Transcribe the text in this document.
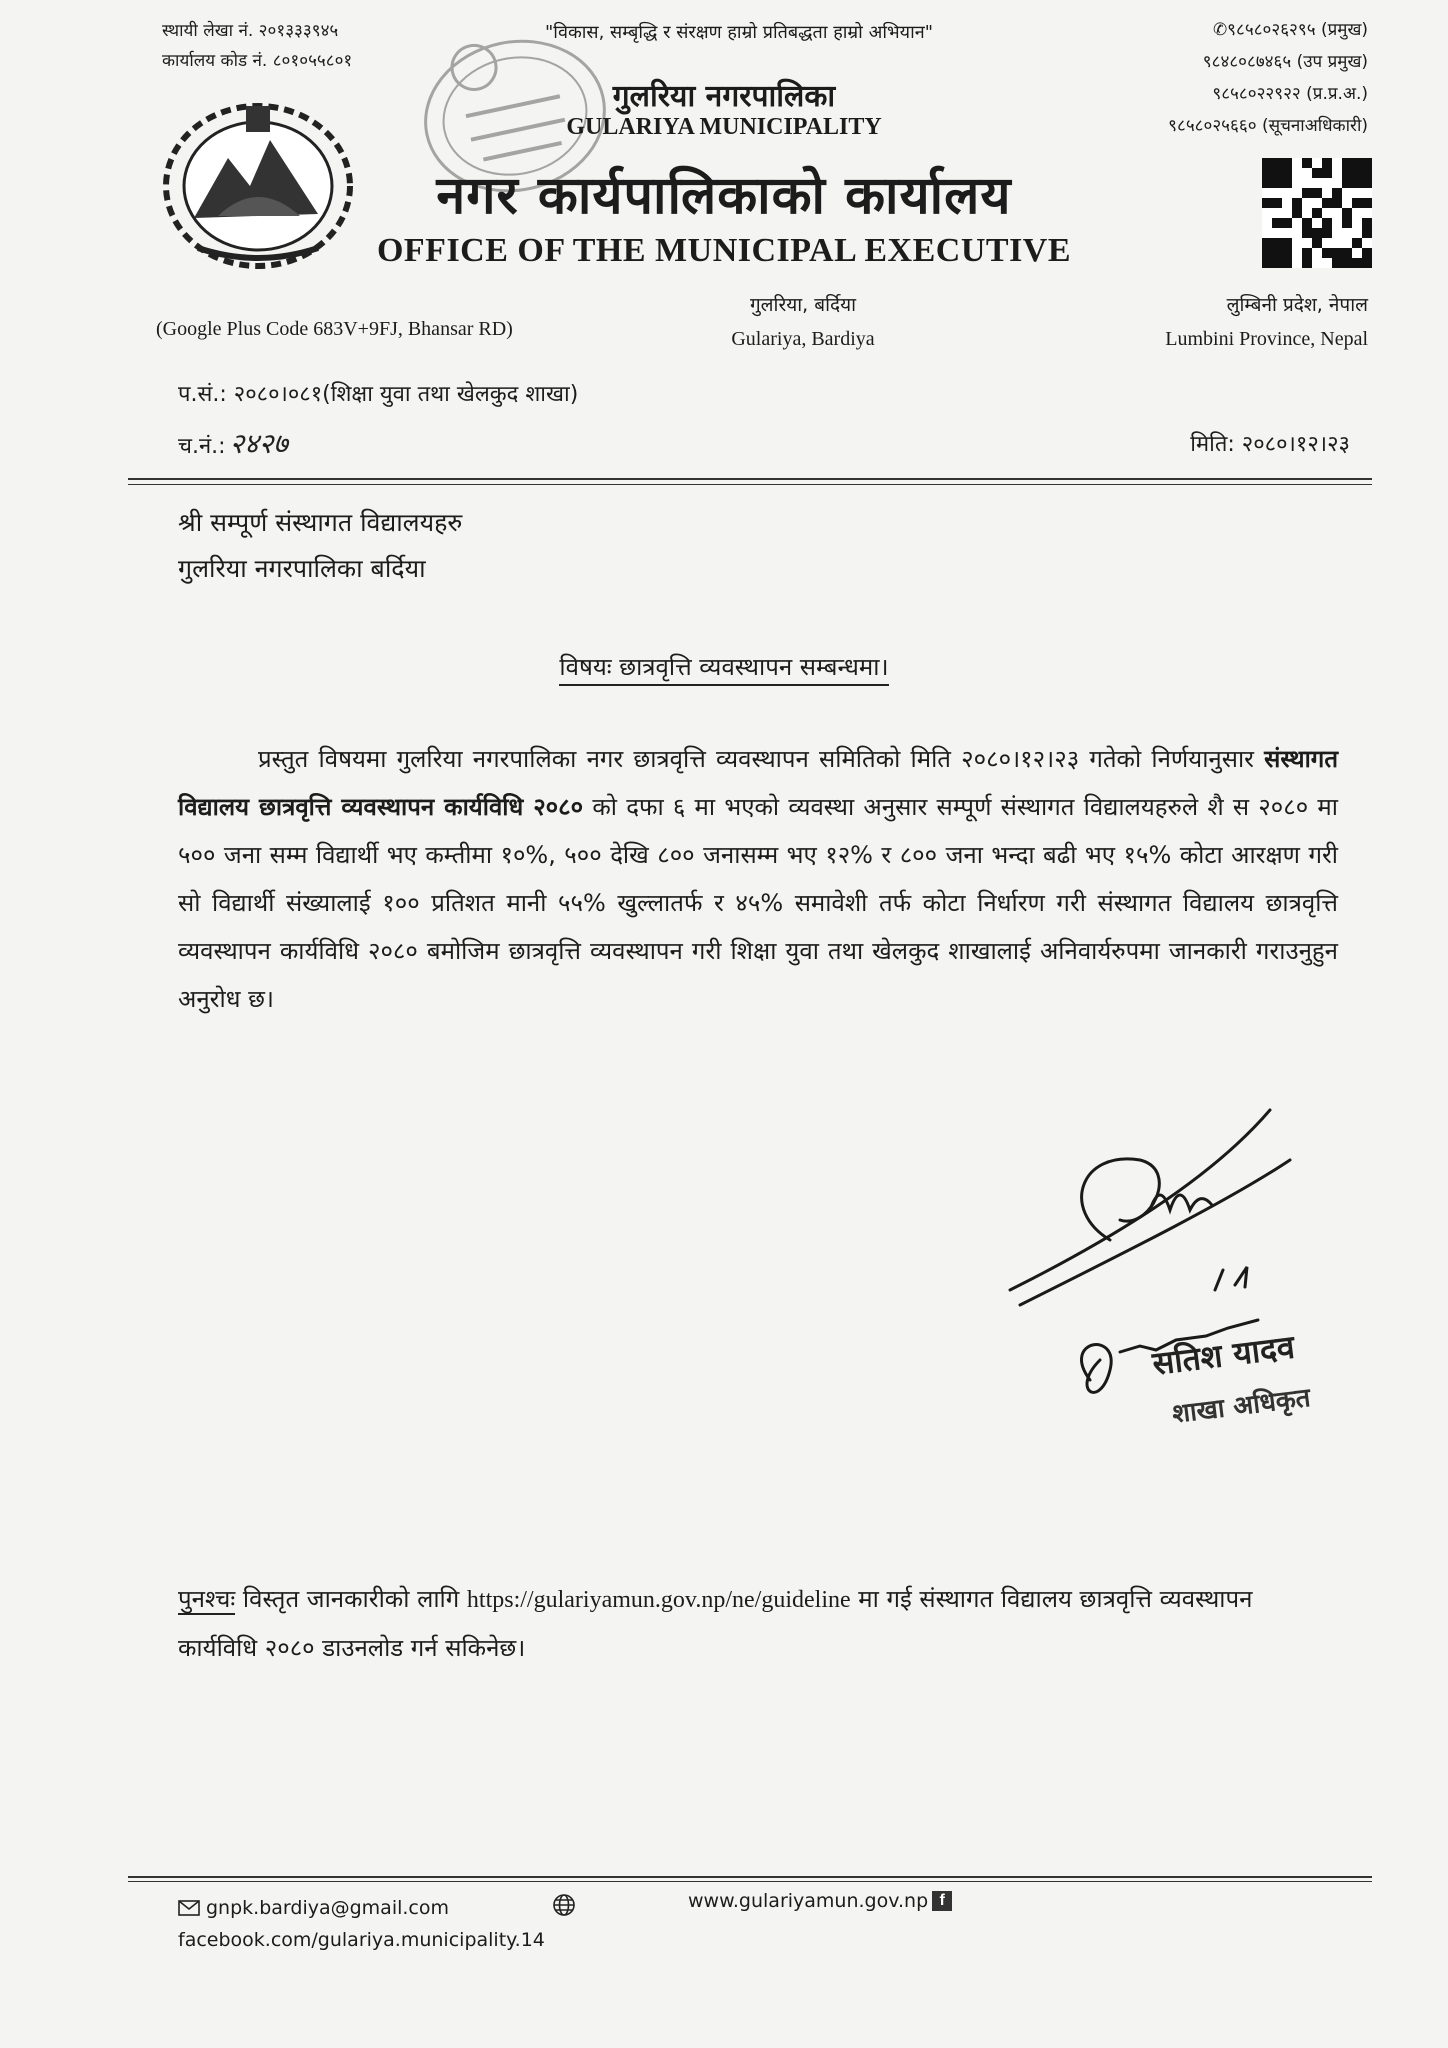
स्थायी लेखा नं. २०१३३३९४५
कार्यालय कोड नं. ८०१०५५८०१
"विकास, सम्बृद्धि र संरक्षण हाम्रो प्रतिबद्धता हाम्रो अभियान"	✆९८५८०२६२९५ (प्रमुख)
९८४८०८७४६५ (उप प्रमुख)
९८५८०२२९२२ (प्र.प्र.अ.)
९८५८०२५६६० (सूचनाअधिकारी)
गुलरिया नगरपालिका
GULARIYA MUNICIPALITY
नगर कार्यपालिकाको कार्यालय
OFFICE OF THE MUNICIPAL EXECUTIVE
(Google Plus Code 683V+9FJ, Bhansar RD)
गुलरिया, बर्दिया
Gulariya, Bardiya
लुम्बिनी प्रदेश, नेपाल
Lumbini Province, Nepal
प.सं.: २०८०।०८१(शिक्षा युवा तथा खेलकुद शाखा)
च.नं.: २४२७	मिति: २०८०।१२।२३
श्री सम्पूर्ण संस्थागत विद्यालयहरु
गुलरिया नगरपालिका बर्दिया
विषयः छात्रवृत्ति व्यवस्थापन सम्बन्धमा।
प्रस्तुत विषयमा गुलरिया नगरपालिका नगर छात्रवृत्ति व्यवस्थापन समितिको मिति २०८०।१२।२३ गतेको निर्णयानुसार संस्थागत विद्यालय छात्रवृत्ति व्यवस्थापन कार्यविधि २०८० को दफा ६ मा भएको व्यवस्था अनुसार सम्पूर्ण संस्थागत विद्यालयहरुले शै स २०८० मा ५०० जना सम्म विद्यार्थी भए कम्तीमा १०%, ५०० देखि ८०० जनासम्म भए १२% र ८०० जना भन्दा बढी भए १५% कोटा आरक्षण गरी सो विद्यार्थी संख्यालाई १०० प्रतिशत मानी ५५% खुल्लातर्फ र ४५% समावेशी तर्फ कोटा निर्धारण गरी संस्थागत विद्यालय छात्रवृत्ति व्यवस्थापन कार्यविधि २०८० बमोजिम छात्रवृत्ति व्यवस्थापन गरी शिक्षा युवा तथा खेलकुद शाखालाई अनिवार्यरुपमा जानकारी गराउनुहुन अनुरोध छ।
सतिश यादव
शाखा अधिकृत
पुनश्चः विस्तृत जानकारीको लागि https://gulariyamun.gov.np/ne/guideline मा गई संस्थागत विद्यालय छात्रवृत्ति व्यवस्थापन कार्यविधि २०८० डाउनलोड गर्न सकिनेछ।
gnpk.bardiya@gmail.com
facebook.com/gulariya.municipality.14
www.gulariyamun.gov.np f
